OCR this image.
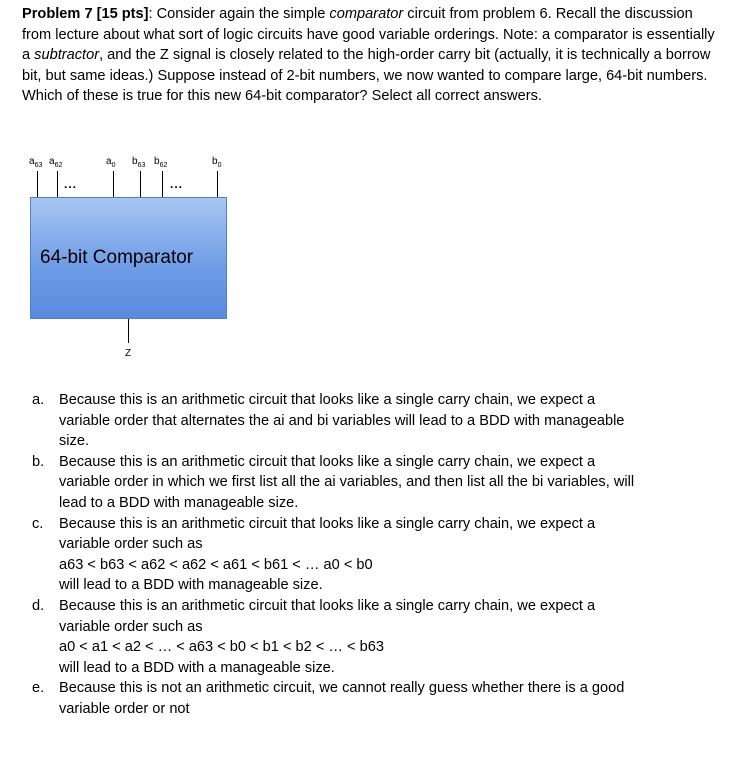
Problem 7 [15 pts]: Consider again the simple comparator circuit from problem 6. Recall the discussion from lecture about what sort of logic circuits have good variable orderings. Note: a comparator is essentially a subtractor, and the Z signal is closely related to the high-order carry bit (actually, it is technically a borrow bit, but same ideas.) Suppose instead of 2-bit numbers, we now wanted to compare large, 64-bit numbers. Which of these is true for this new 64-bit comparator? Select all correct answers.
$a_{63}$ $a_{62}$	$a_0$ $b_{63}$ $b_{62}$	$b_0$
...	...
64-bit Comparator
Z
a. Because this is an arithmetic circuit that looks like a single carry chain, we expect a
variable order that alternates the ai and bi variables will lead to a BDD with manageable
size.
b. Because this is an arithmetic circuit that looks like a single carry chain, we expect a
variable order in which we first list all the ai variables, and then list all the bi variables, will
lead to a BDD with manageable size.
c. Because this is an arithmetic circuit that looks like a single carry chain, we expect a
variable order such as
a63 < b63 < a62 < a62 < a61 < b61 < … a0 < b0
will lead to a BDD with manageable size.
d. Because this is an arithmetic circuit that looks like a single carry chain, we expect a
variable order such as
a0 < a1 < a2 < … < a63 < b0 < b1 < b2 < … < b63
will lead to a BDD with a manageable size.
e. Because this is not an arithmetic circuit, we cannot really guess whether there is a good
variable order or not
